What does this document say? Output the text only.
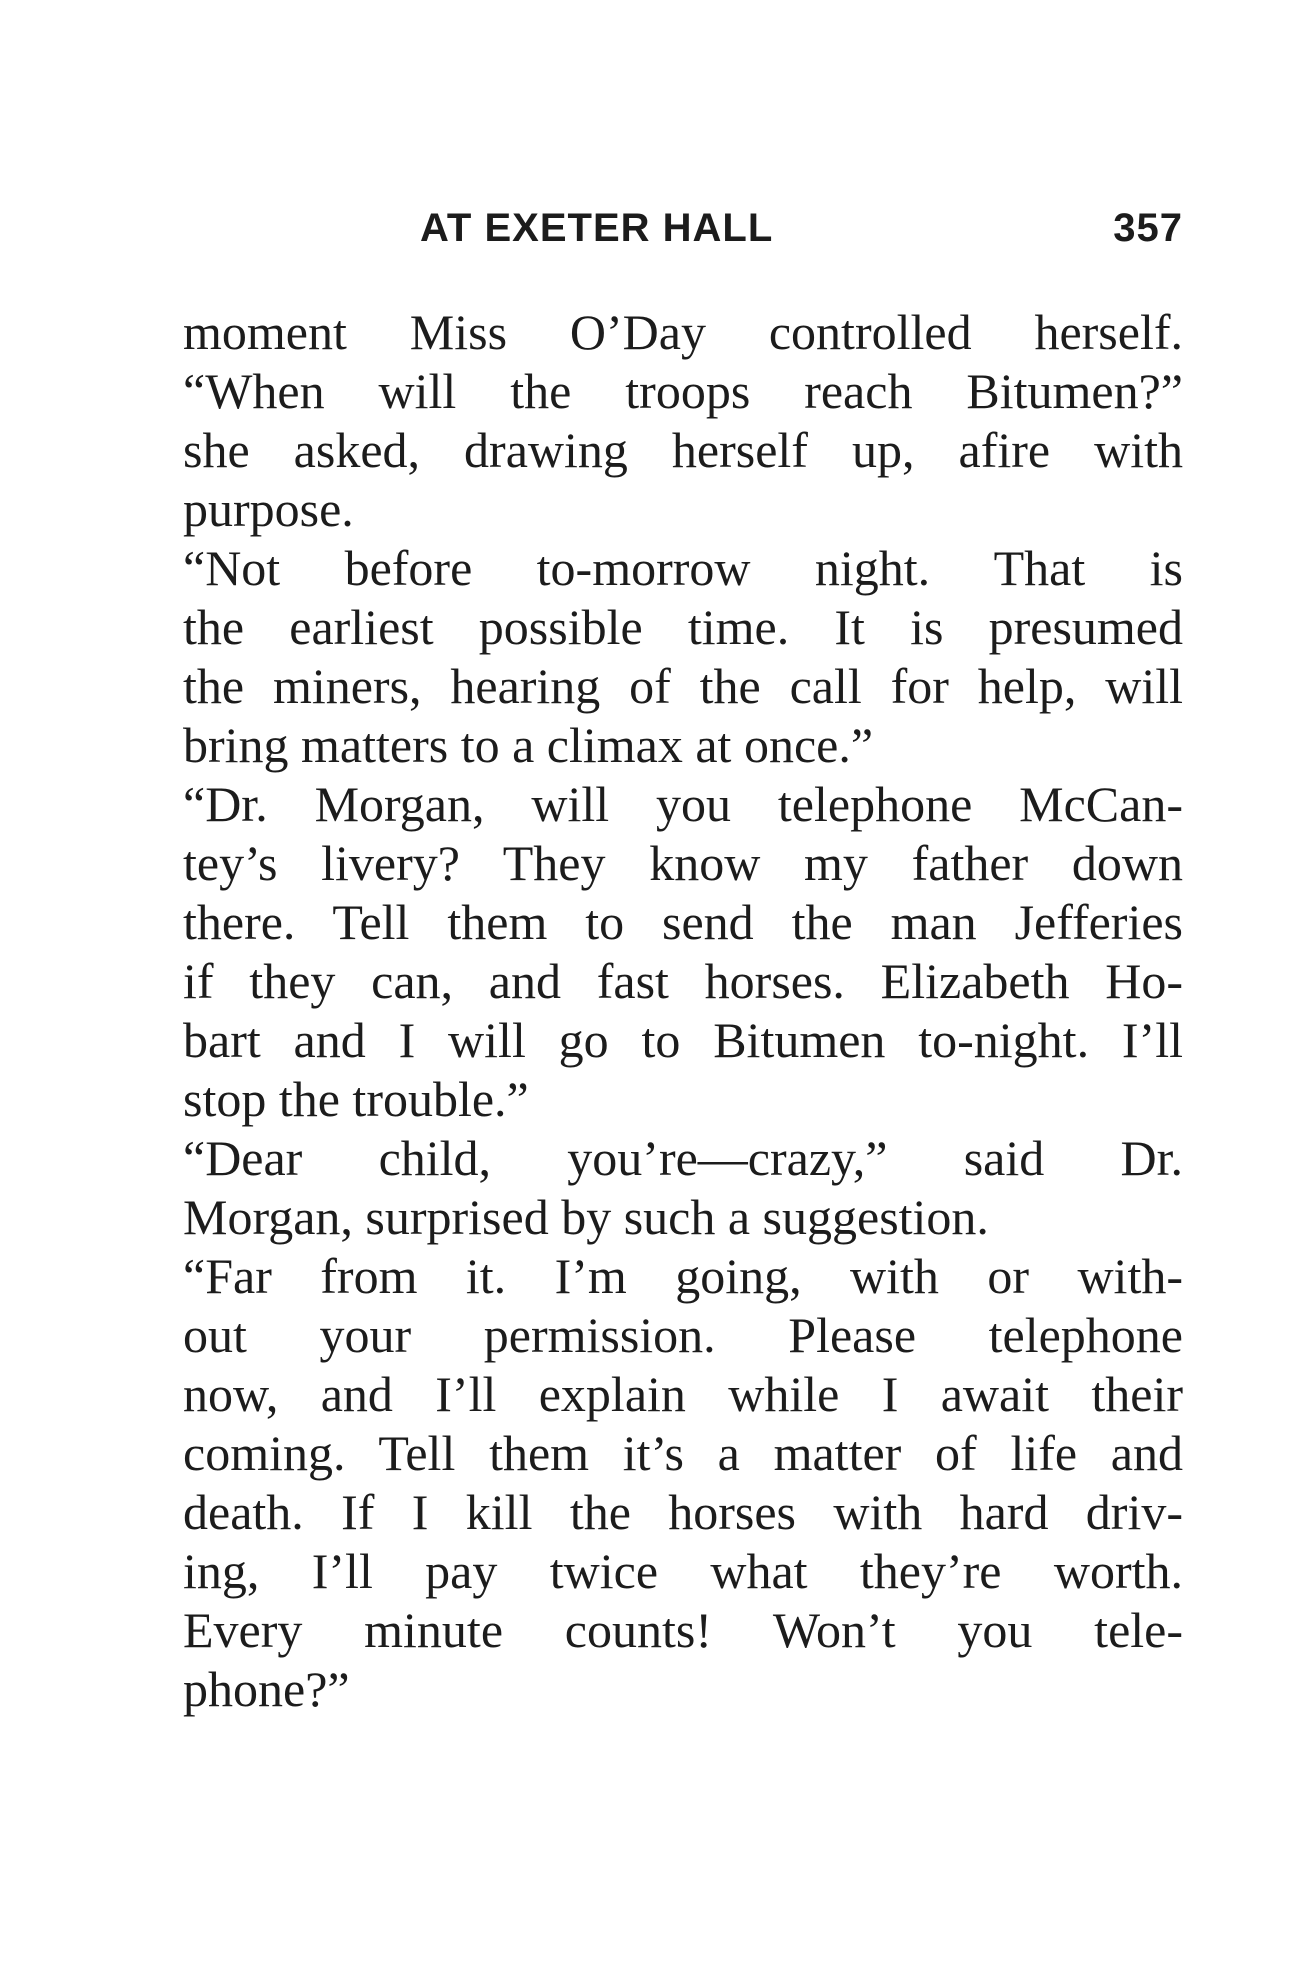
AT EXETER HALL	357
moment Miss O’Day controlled herself.
“When will the troops reach Bitumen?”
she asked, drawing herself up, afire with
purpose.
“Not before to-morrow night. That is
the earliest possible time. It is presumed
the miners, hearing of the call for help, will
bring matters to a climax at once.”
“Dr. Morgan, will you telephone McCan-
tey’s livery? They know my father down
there. Tell them to send the man Jefferies
if they can, and fast horses. Elizabeth Ho-
bart and I will go to Bitumen to-night. I’ll
stop the trouble.”
“Dear child, you’re—crazy,” said Dr.
Morgan, surprised by such a suggestion.
“Far from it. I’m going, with or with-
out your permission. Please telephone
now, and I’ll explain while I await their
coming. Tell them it’s a matter of life and
death. If I kill the horses with hard driv-
ing, I’ll pay twice what they’re worth.
Every minute counts! Won’t you tele-
phone?”
